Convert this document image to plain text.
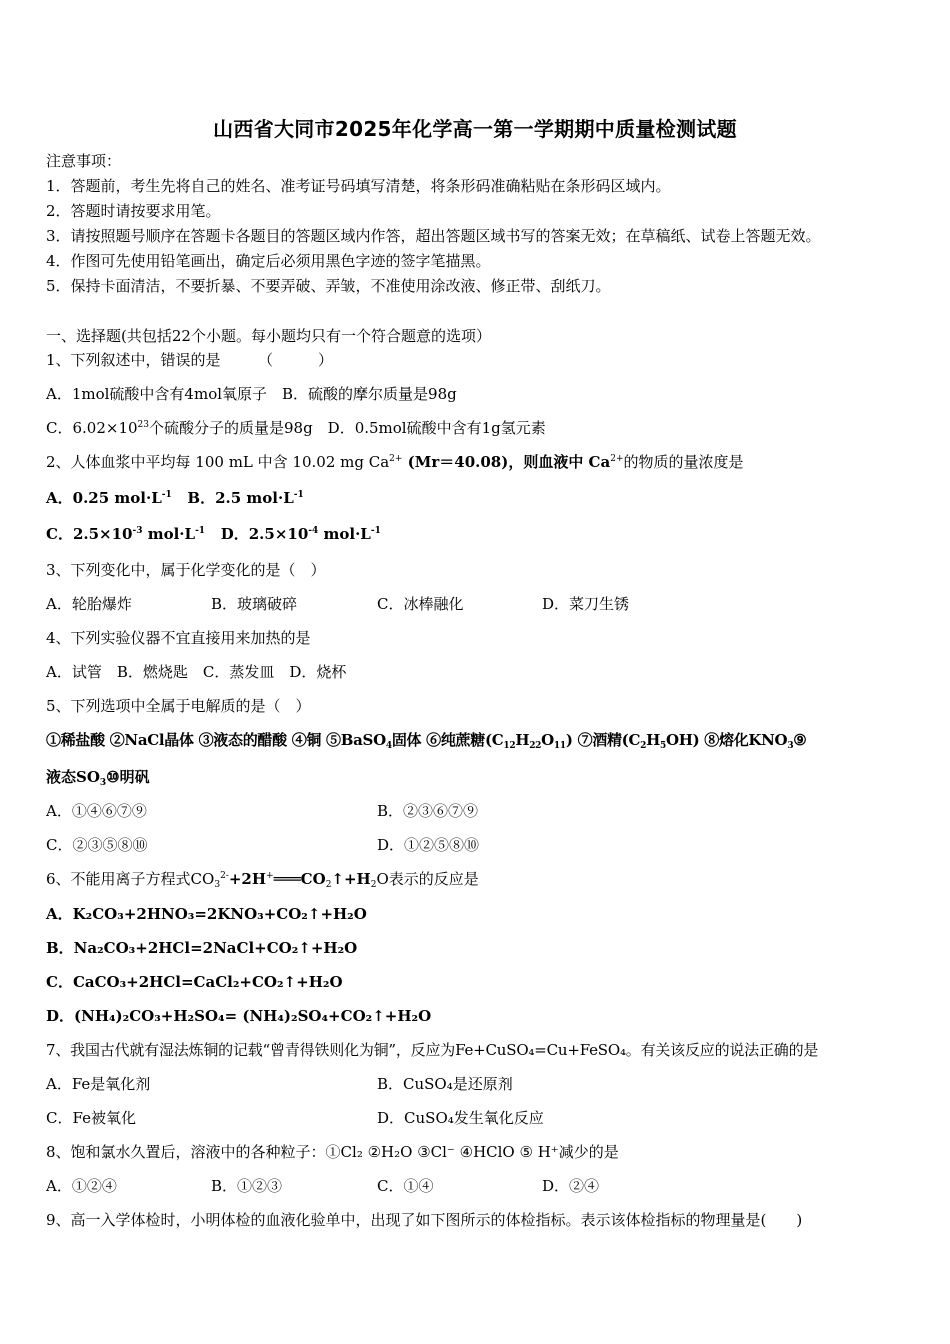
山西省大同市2025年化学高一第一学期期中质量检测试题
注意事项：
1．答题前，考生先将自己的姓名、准考证号码填写清楚，将条形码准确粘贴在条形码区域内。
2．答题时请按要求用笔。
3．请按照题号顺序在答题卡各题目的答题区域内作答，超出答题区域书写的答案无效；在草稿纸、试卷上答题无效。
4．作图可先使用铅笔画出，确定后必须用黑色字迹的签字笔描黑。
5．保持卡面清洁，不要折暴、不要弄破、弄皱，不准使用涂改液、修正带、刮纸刀。
一、选择题(共包括22个小题。每小题均只有一个符合题意的选项）
1、下列叙述中，错误的是　　　（　　　）
A．1mol硫酸中含有4mol氧原子　B．硫酸的摩尔质量是98g
C．$6.02\times 10^{23}$个硫酸分子的质量是98g　D．0.5mol硫酸中含有1g氢元素
2、人体血浆中平均每 100 mL 中含 10.02 mg $Ca^{2+}$ (Mr＝40.08)，则血液中 $Ca^{2+}$的物质的量浓度是
A．0.25 $mol\cdot L^{-1}$ B．2.5 $mol\cdot L^{-1}$
C．$2.5\times 10^{-3}$ $mol\cdot L^{-1}$ D．$2.5\times 10^{-4}$ $mol\cdot L^{-1}$
3、下列变化中，属于化学变化的是（　）
A．轮胎爆炸	B．玻璃破碎	C．冰棒融化	D．菜刀生锈
4、下列实验仪器不宜直接用来加热的是
A．试管　B．燃烧匙　C．蒸发皿　D．烧杯
5、下列选项中全属于电解质的是（　）
①稀盐酸 ②NaCl晶体 ③液态的醋酸 ④铜 ⑤BaSO$_4$固体 ⑥纯蔗糖$(C_{12}H_{22}O_{11})$ ⑦酒精$(C_2H_5OH)$ ⑧熔化$KNO_3⑨$
液态$SO_3⑩$明矾
A．①④⑥⑦⑨	B．②③⑥⑦⑨
C．②③⑤⑧⑩	D．①②⑤⑧⑩
6、不能用离子方程式$CO_3^{2-}+2H^+═══CO_2↑+H_2O$表示的反应是
A．K₂CO₃+2HNO₃=2KNO₃+CO₂↑+H₂O
B．Na₂CO₃+2HCl=2NaCl+CO₂↑+H₂O
C．CaCO₃+2HCl=CaCl₂+CO₂↑+H₂O
D．(NH₄)₂CO₃+H₂SO₄= (NH₄)₂SO₄+CO₂↑+H₂O
7、我国古代就有湿法炼铜的记载“曾青得铁则化为铜”，反应为Fe+CuSO₄=Cu+FeSO₄。有关该反应的说法正确的是
A．Fe是氧化剂	B．CuSO₄是还原剂
C．Fe被氧化	D．CuSO₄发生氧化反应
8、饱和氯水久置后，溶液中的各种粒子：①Cl₂ ②H₂O ③Cl⁻ ④HClO ⑤ H⁺减少的是
A．①②④	B．①②③	C．①④	D．②④
9、高一入学体检时，小明体检的血液化验单中，出现了如下图所示的体检指标。表示该体检指标的物理量是(　　)
